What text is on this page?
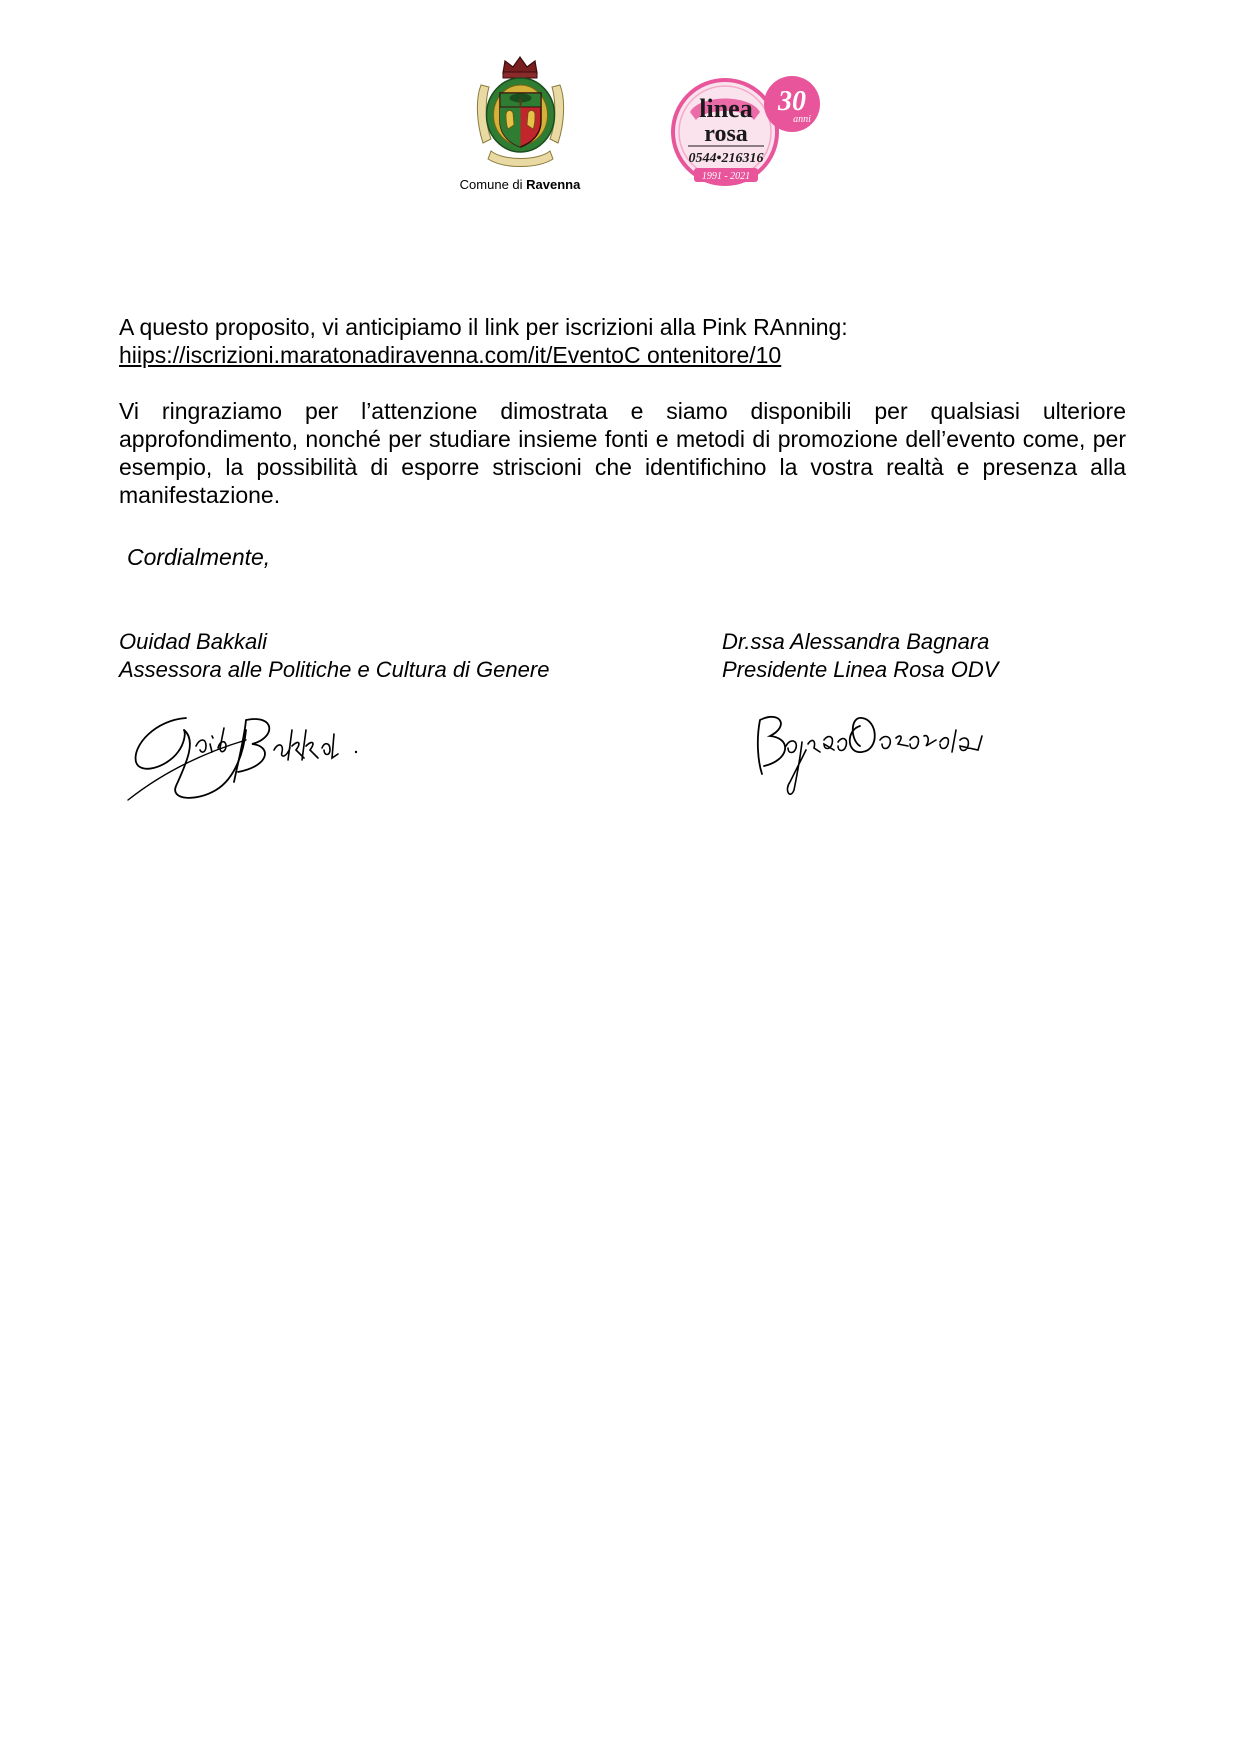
Comune di Ravenna
linea
rosa
0544•216316
1991 - 2021
30
anni

A questo proposito, vi anticipiamo il link per iscrizioni alla Pink RAnning:
hiips://iscrizioni.maratonadiravenna.com/it/EventoC ontenitore/10

Vi ringraziamo per l’attenzione dimostrata e siamo disponibili per qualsiasi ulteriore approfondimento, nonché per studiare insieme fonti e metodi di promozione dell’evento come, per esempio, la possibilità di esporre striscioni che identifichino la vostra realtà e presenza alla manifestazione.

Cordialmente,
Ouidad Bakkali
Assessora alle Politiche e Cultura di Genere
Dr.ssa Alessandra Bagnara
Presidente Linea Rosa ODV
